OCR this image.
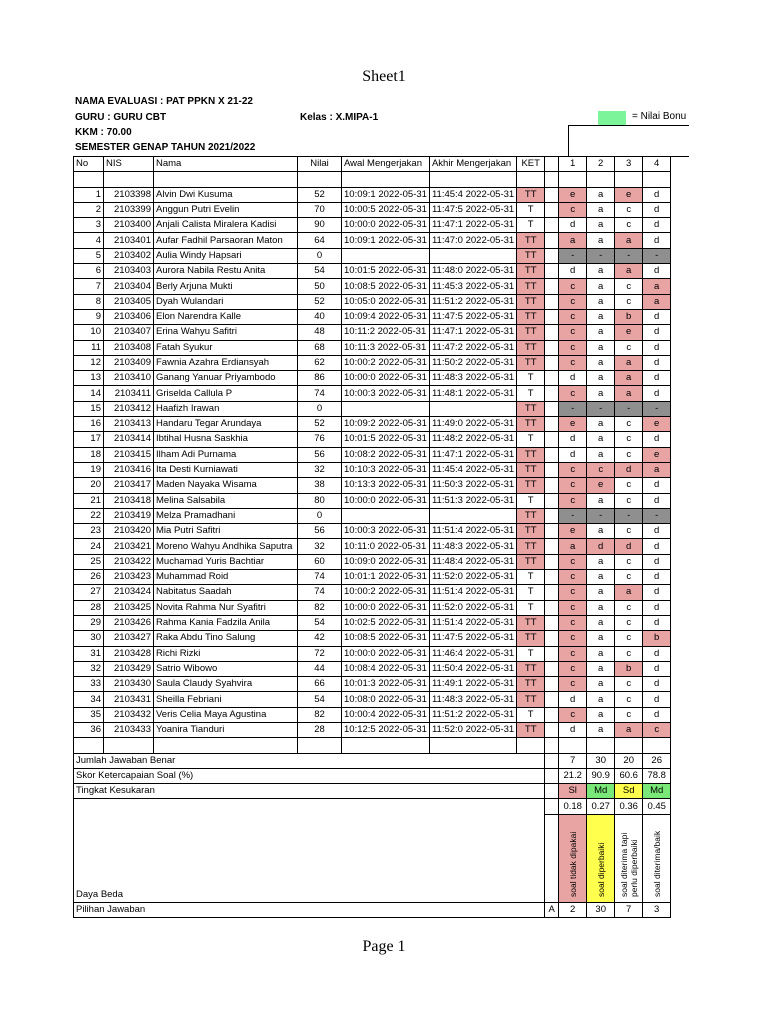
Sheet1
NAMA EVALUASI : PAT PPKN X 21-22
GURU : GURU CBT	Kelas : X.MIPA-1
KKM : 70.00
SEMESTER GENAP TAHUN 2021/2022
= Nilai Bonu
No	NIS	Nama	Nilai	Awal Mengerjakan	Akhir Mengerjakan	KET		1	2	3	4

1	2103398	Alvin Dwi Kusuma	52	2022-05-31 10:09:1	2022-05-31 11:45:4	TT		e	a	e	d
2	2103399	Anggun Putri Evelin	70	2022-05-31 10:00:5	2022-05-31 11:47:5	T		c	a	c	d
3	2103400	Anjali Calista Miralera Kadisi	90	2022-05-31 10:00:0	2022-05-31 11:47:1	T		d	a	c	d
4	2103401	Aufar Fadhil Parsaoran Maton	64	2022-05-31 10:09:1	2022-05-31 11:47:0	TT		a	a	a	d
5	2103402	Aulia Windy Hapsari	0			TT		-	-	-	-
6	2103403	Aurora Nabila Restu Anita	54	2022-05-31 10:01:5	2022-05-31 11:48:0	TT		d	a	a	d
7	2103404	Berly Arjuna Mukti	50	2022-05-31 10:08:5	2022-05-31 11:45:3	TT		c	a	c	a
8	2103405	Dyah Wulandari	52	2022-05-31 10:05:0	2022-05-31 11:51:2	TT		c	a	c	a
9	2103406	Elon Narendra Kalle	40	2022-05-31 10:09:4	2022-05-31 11:47:5	TT		c	a	b	d
10	2103407	Erina Wahyu Safitri	48	2022-05-31 10:11:2	2022-05-31 11:47:1	TT		c	a	e	d
11	2103408	Fatah Syukur	68	2022-05-31 10:11:3	2022-05-31 11:47:2	TT		c	a	c	d
12	2103409	Fawnia Azahra Erdiansyah	62	2022-05-31 10:00:2	2022-05-31 11:50:2	TT		c	a	a	d
13	2103410	Ganang Yanuar Priyambodo	86	2022-05-31 10:00:0	2022-05-31 11:48:3	T		d	a	a	d
14	2103411	Griselda Callula P	74	2022-05-31 10:00:3	2022-05-31 11:48:1	T		c	a	a	d
15	2103412	Haafizh Irawan	0			TT		-	-	-	-
16	2103413	Handaru Tegar Arundaya	52	2022-05-31 10:09:2	2022-05-31 11:49:0	TT		e	a	c	e
17	2103414	Ibtihal Husna Saskhia	76	2022-05-31 10:01:5	2022-05-31 11:48:2	T		d	a	c	d
18	2103415	Ilham Adi Purnama	56	2022-05-31 10:08:2	2022-05-31 11:47:1	TT		d	a	c	e
19	2103416	Ita Desti Kurniawati	32	2022-05-31 10:10:3	2022-05-31 11:45:4	TT		c	c	d	a
20	2103417	Maden Nayaka Wisama	38	2022-05-31 10:13:3	2022-05-31 11:50:3	TT		c	e	c	d
21	2103418	Melina Salsabila	80	2022-05-31 10:00:0	2022-05-31 11:51:3	T		c	a	c	d
22	2103419	Melza Pramadhani	0			TT		-	-	-	-
23	2103420	Mia Putri Safitri	56	2022-05-31 10:00:3	2022-05-31 11:51:4	TT		e	a	c	d
24	2103421	Moreno Wahyu Andhika Saputra	32	2022-05-31 10:11:0	2022-05-31 11:48:3	TT		a	d	d	d
25	2103422	Muchamad Yuris Bachtiar	60	2022-05-31 10:09:0	2022-05-31 11:48:4	TT		c	a	c	d
26	2103423	Muhammad Roid	74	2022-05-31 10:01:1	2022-05-31 11:52:0	T		c	a	c	d
27	2103424	Nabitatus Saadah	74	2022-05-31 10:00:2	2022-05-31 11:51:4	T		c	a	a	d
28	2103425	Novita Rahma Nur Syafitri	82	2022-05-31 10:00:0	2022-05-31 11:52:0	T		c	a	c	d
29	2103426	Rahma Kania Fadzila Anila	54	2022-05-31 10:02:5	2022-05-31 11:51:4	TT		c	a	c	d
30	2103427	Raka Abdu Tino Salung	42	2022-05-31 10:08:5	2022-05-31 11:47:5	TT		c	a	c	b
31	2103428	Richi Rizki	72	2022-05-31 10:00:0	2022-05-31 11:46:4	T		c	a	c	d
32	2103429	Satrio Wibowo	44	2022-05-31 10:08:4	2022-05-31 11:50:4	TT		c	a	b	d
33	2103430	Saula Claudy Syahvira	66	2022-05-31 10:01:3	2022-05-31 11:49:1	TT		c	a	c	d
34	2103431	Sheilla Febriani	54	2022-05-31 10:08:0	2022-05-31 11:48:3	TT		d	a	c	d
35	2103432	Veris Celia Maya Agustina	82	2022-05-31 10:00:4	2022-05-31 11:51:2	T		c	a	c	d
36	2103433	Yoanira Tianduri	28	2022-05-31 10:12:5	2022-05-31 11:52:0	TT		d	a	a	c

Jumlah Jawaban Benar								7	30	20	26
Skor Ketercapaian Soal (%)								21.2	90.9	60.6	78.8
Tingkat Kesukaran								Sl	Md	Sd	Md
Daya Beda								0.18	0.27	0.36	0.45
								soal tidak dipakai	soal diperbaiki	soal diterima tapi perlu diperbaiki	soal diterima/baik
Pilihan Jawaban							A	2	30	7	3
Page 1
